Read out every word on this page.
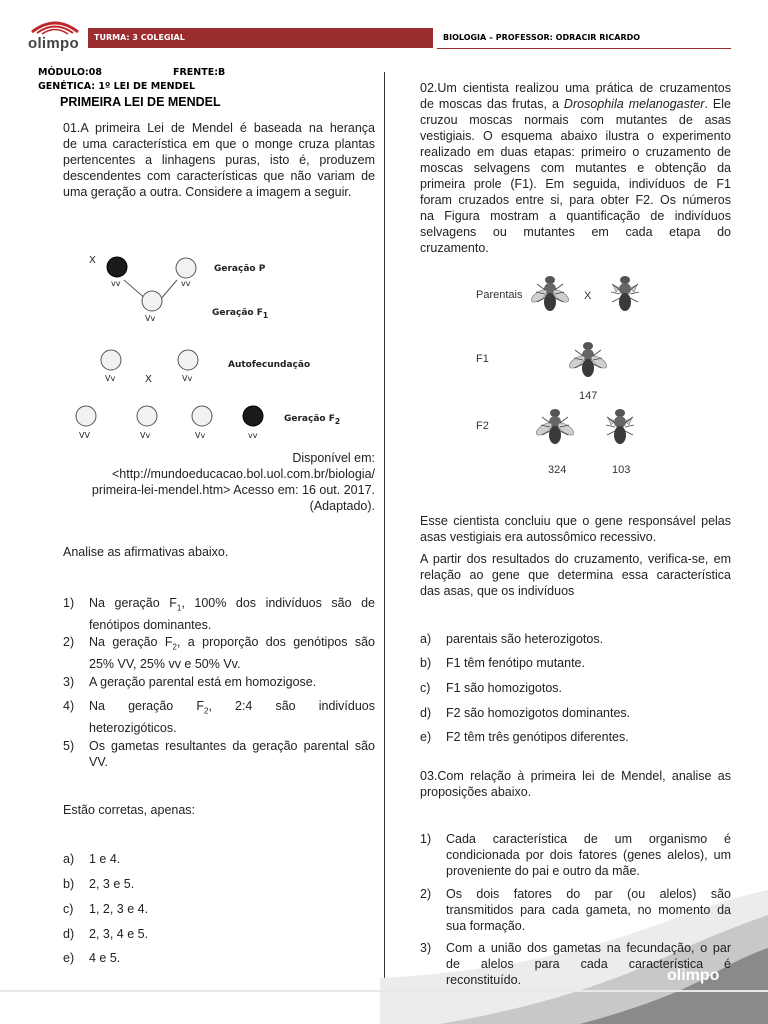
olimpo	TURMA: 3 COLEGIAL	BIOLOGIA – PROFESSOR: ODRACIR RICARDO
MÓDULO:08	FRENTE:B
GENÉTICA: 1º LEI DE MENDEL
PRIMEIRA LEI DE MENDEL
01.A primeira Lei de Mendel é baseada na herança
de uma característica em que o monge cruza plantas
pertencentes a linhagens puras, isto é, produzem
descendentes com características que não variam de
uma geração a outra. Considere a imagem a seguir.
X
Geração P
vv	vv
Vv
Geração $F_1$
Autofecundação
Vv	X	Vv
Geração $F_2$
VV	Vv	Vv	vv
Disponível em:
<http://mundoeducacao.bol.uol.com.br/biologia/
primeira-lei-mendel.htm> Acesso em: 16 out. 2017.
(Adaptado).
Analise as afirmativas abaixo.
1) Na geração $F_1$, 100% dos indivíduos são de
fenótipos dominantes.
2) Na geração $F_2$, a proporção dos genótipos são
25% VV, 25% vv e 50% Vv.
3) A geração parental está em homozigose.
4) Na geração $F_2$, 2:4 são indivíduos
heterozigóticos.
5) Os gametas resultantes da geração parental são
VV.
Estão corretas, apenas:
a) 1 e 4.
b) 2, 3 e 5.
c) 1, 2, 3 e 4.
d) 2, 3, 4 e 5.
e) 4 e 5.
02.Um cientista realizou uma prática de cruzamentos
de moscas das frutas, a Drosophila melanogaster. Ele
cruzou moscas normais com mutantes de asas
vestigiais. O esquema abaixo ilustra o experimento
realizado em duas etapas: primeiro o cruzamento de
moscas selvagens com mutantes e obtenção da
primeira prole (F1). Em seguida, indivíduos de F1
foram cruzados entre si, para obter F2. Os números
na Figura mostram a quantificação de indivíduos
selvagens ou mutantes em cada etapa do
cruzamento.
Parentais	X
F1
147
F2
324	103
Esse cientista concluiu que o gene responsável pelas
asas vestigiais era autossômico recessivo.
A partir dos resultados do cruzamento, verifica-se, em
relação ao gene que determina essa característica
das asas, que os indivíduos
a) parentais são heterozigotos.
b) F1 têm fenótipo mutante.
c) F1 são homozigotos.
d) F2 são homozigotos dominantes.
e) F2 têm três genótipos diferentes.
03.Com relação à primeira lei de Mendel, analise as
proposições abaixo.
1) Cada característica de um organismo é
condicionada por dois fatores (genes alelos), um
proveniente do pai e outro da mãe.
2) Os dois fatores do par (ou alelos) são
transmitidos para cada gameta, no momento da
sua formação.
3) Com a união dos gametas na fecundação, o par
de alelos para cada característica é
reconstituído.	olimpo
